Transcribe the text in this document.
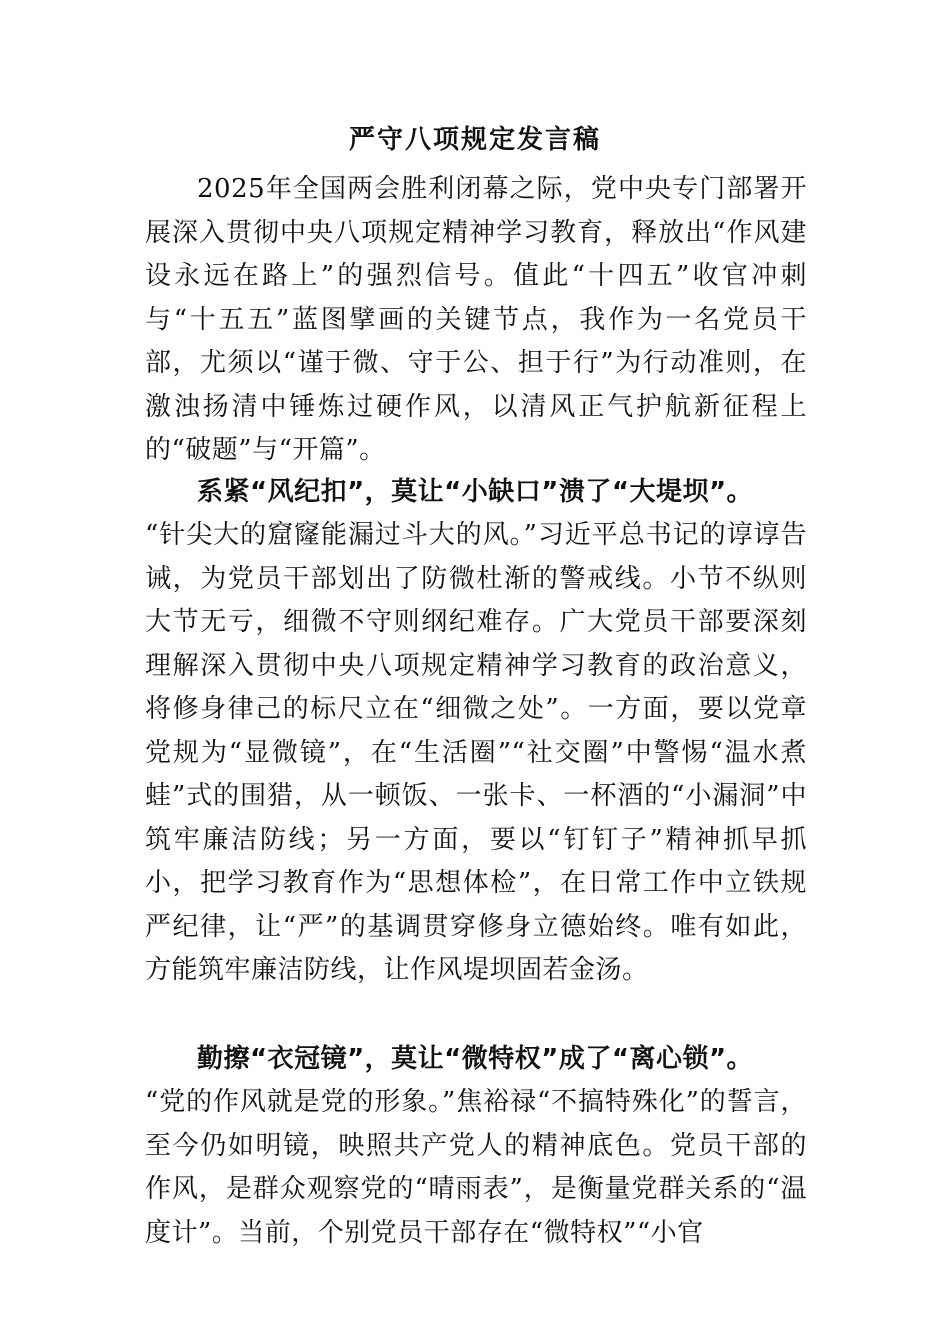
严守八项规定发言稿

2025年全国两会胜利闭幕之际，党中央专门部署开展深入贯彻中央八项规定精神学习教育，释放出“作风建设永远在路上”的强烈信号。值此“十四五”收官冲刺与“十五五”蓝图擘画的关键节点，我作为一名党员干部，尤须以“谨于微、守于公、担于行”为行动准则，在激浊扬清中锤炼过硬作风，以清风正气护航新征程上的“破题”与“开篇”。

系紧“风纪扣”，莫让“小缺口”溃了“大堤坝”。

“针尖大的窟窿能漏过斗大的风。”习近平总书记的谆谆告诫，为党员干部划出了防微杜渐的警戒线。小节不纵则大节无亏，细微不守则纲纪难存。广大党员干部要深刻理解深入贯彻中央八项规定精神学习教育的政治意义，将修身律己的标尺立在“细微之处”。一方面，要以党章党规为“显微镜”，在“生活圈”“社交圈”中警惕“温水煮蛙”式的围猎，从一顿饭、一张卡、一杯酒的“小漏洞”中筑牢廉洁防线；另一方面，要以“钉钉子”精神抓早抓小，把学习教育作为“思想体检”，在日常工作中立铁规严纪律，让“严”的基调贯穿修身立德始终。唯有如此，方能筑牢廉洁防线，让作风堤坝固若金汤。

勤擦“衣冠镜”，莫让“微特权”成了“离心锁”。

“党的作风就是党的形象。”焦裕禄“不搞特殊化”的誓言，至今仍如明镜，映照共产党人的精神底色。党员干部的作风，是群众观察党的“晴雨表”，是衡量党群关系的“温度计”。当前，个别党员干部存在“微特权”“小官
